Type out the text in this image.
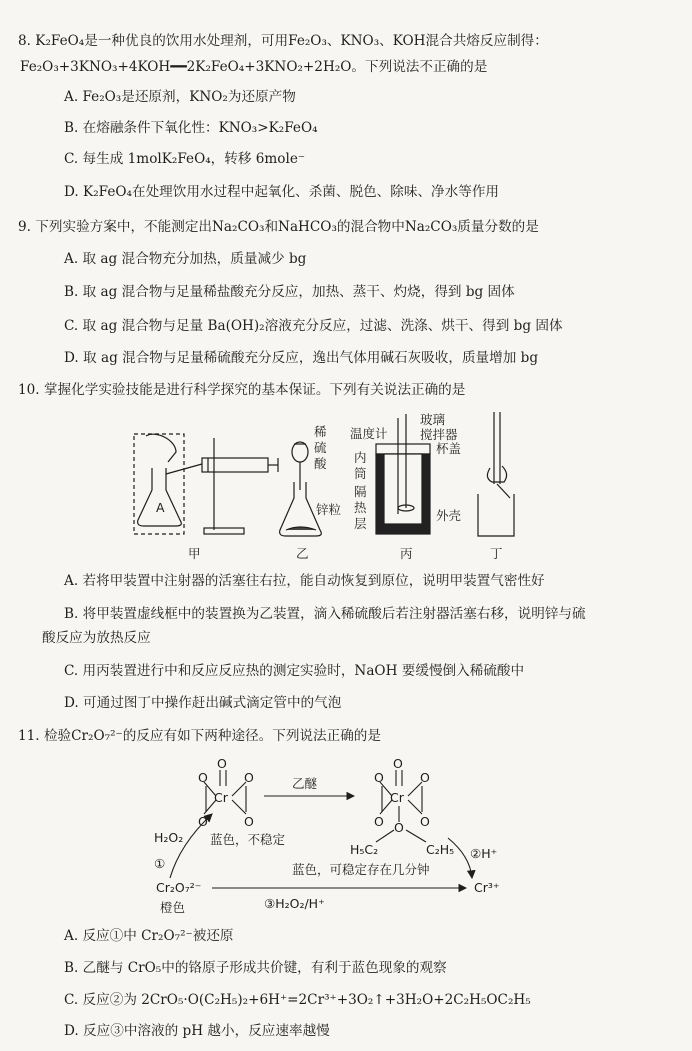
8. K₂FeO₄是一种优良的饮用水处理剂，可用Fe₂O₃、KNO₃、KOH混合共熔反应制得：
Fe₂O₃+3KNO₃+4KOH━━2K₂FeO₄+3KNO₂+2H₂O。下列说法不正确的是
A. Fe₂O₃是还原剂，KNO₂为还原产物
B. 在熔融条件下氧化性：KNO₃>K₂FeO₄
C. 每生成 1molK₂FeO₄，转移 6mole⁻
D. K₂FeO₄在处理饮用水过程中起氧化、杀菌、脱色、除味、净水等作用
9. 下列实验方案中，不能测定出Na₂CO₃和NaHCO₃的混合物中Na₂CO₃质量分数的是
A. 取 ag 混合物充分加热，质量减少 bg
B. 取 ag 混合物与足量稀盐酸充分反应，加热、蒸干、灼烧，得到 bg 固体
C. 取 ag 混合物与足量 Ba(OH)₂溶液充分反应，过滤、洗涤、烘干、得到 bg 固体
D. 取 ag 混合物与足量稀硫酸充分反应，逸出气体用碱石灰吸收，质量增加 bg
10. 掌握化学实验技能是进行科学探究的基本保证。下列有关说法正确的是
A
甲
稀
硫
酸
锌粒
乙
温度计
玻璃
搅拌器
杯盖
内
筒
隔
热
层
外壳
丙	丁
A. 若将甲装置中注射器的活塞往右拉，能自动恢复到原位，说明甲装置气密性好
B. 将甲装置虚线框中的装置换为乙装置，滴入稀硫酸后若注射器活塞右移，说明锌与硫
酸反应为放热反应
C. 用丙装置进行中和反应反应热的测定实验时，NaOH 要缓慢倒入稀硫酸中
D. 可通过图丁中操作赶出碱式滴定管中的气泡
11. 检验Cr₂O₇²⁻的反应有如下两种途径。下列说法正确的是
O
O
O
O
O
Cr
乙醚
O
O
O
O
O
Cr
O
H₅C₂	C₂H₅
H₂O₂ 蓝色，不稳定
蓝色，可稳定存在几分钟
②H⁺
①
Cr₂O₇²⁻
橙色	③H₂O₂/H⁺
Cr³⁺
A. 反应①中 Cr₂O₇²⁻被还原
B. 乙醚与 CrO₅中的铬原子形成共价键，有利于蓝色现象的观察
C. 反应②为 2CrO₅·O(C₂H₅)₂+6H⁺=2Cr³⁺+3O₂↑+3H₂O+2C₂H₅OC₂H₅
D. 反应③中溶液的 pH 越小，反应速率越慢
